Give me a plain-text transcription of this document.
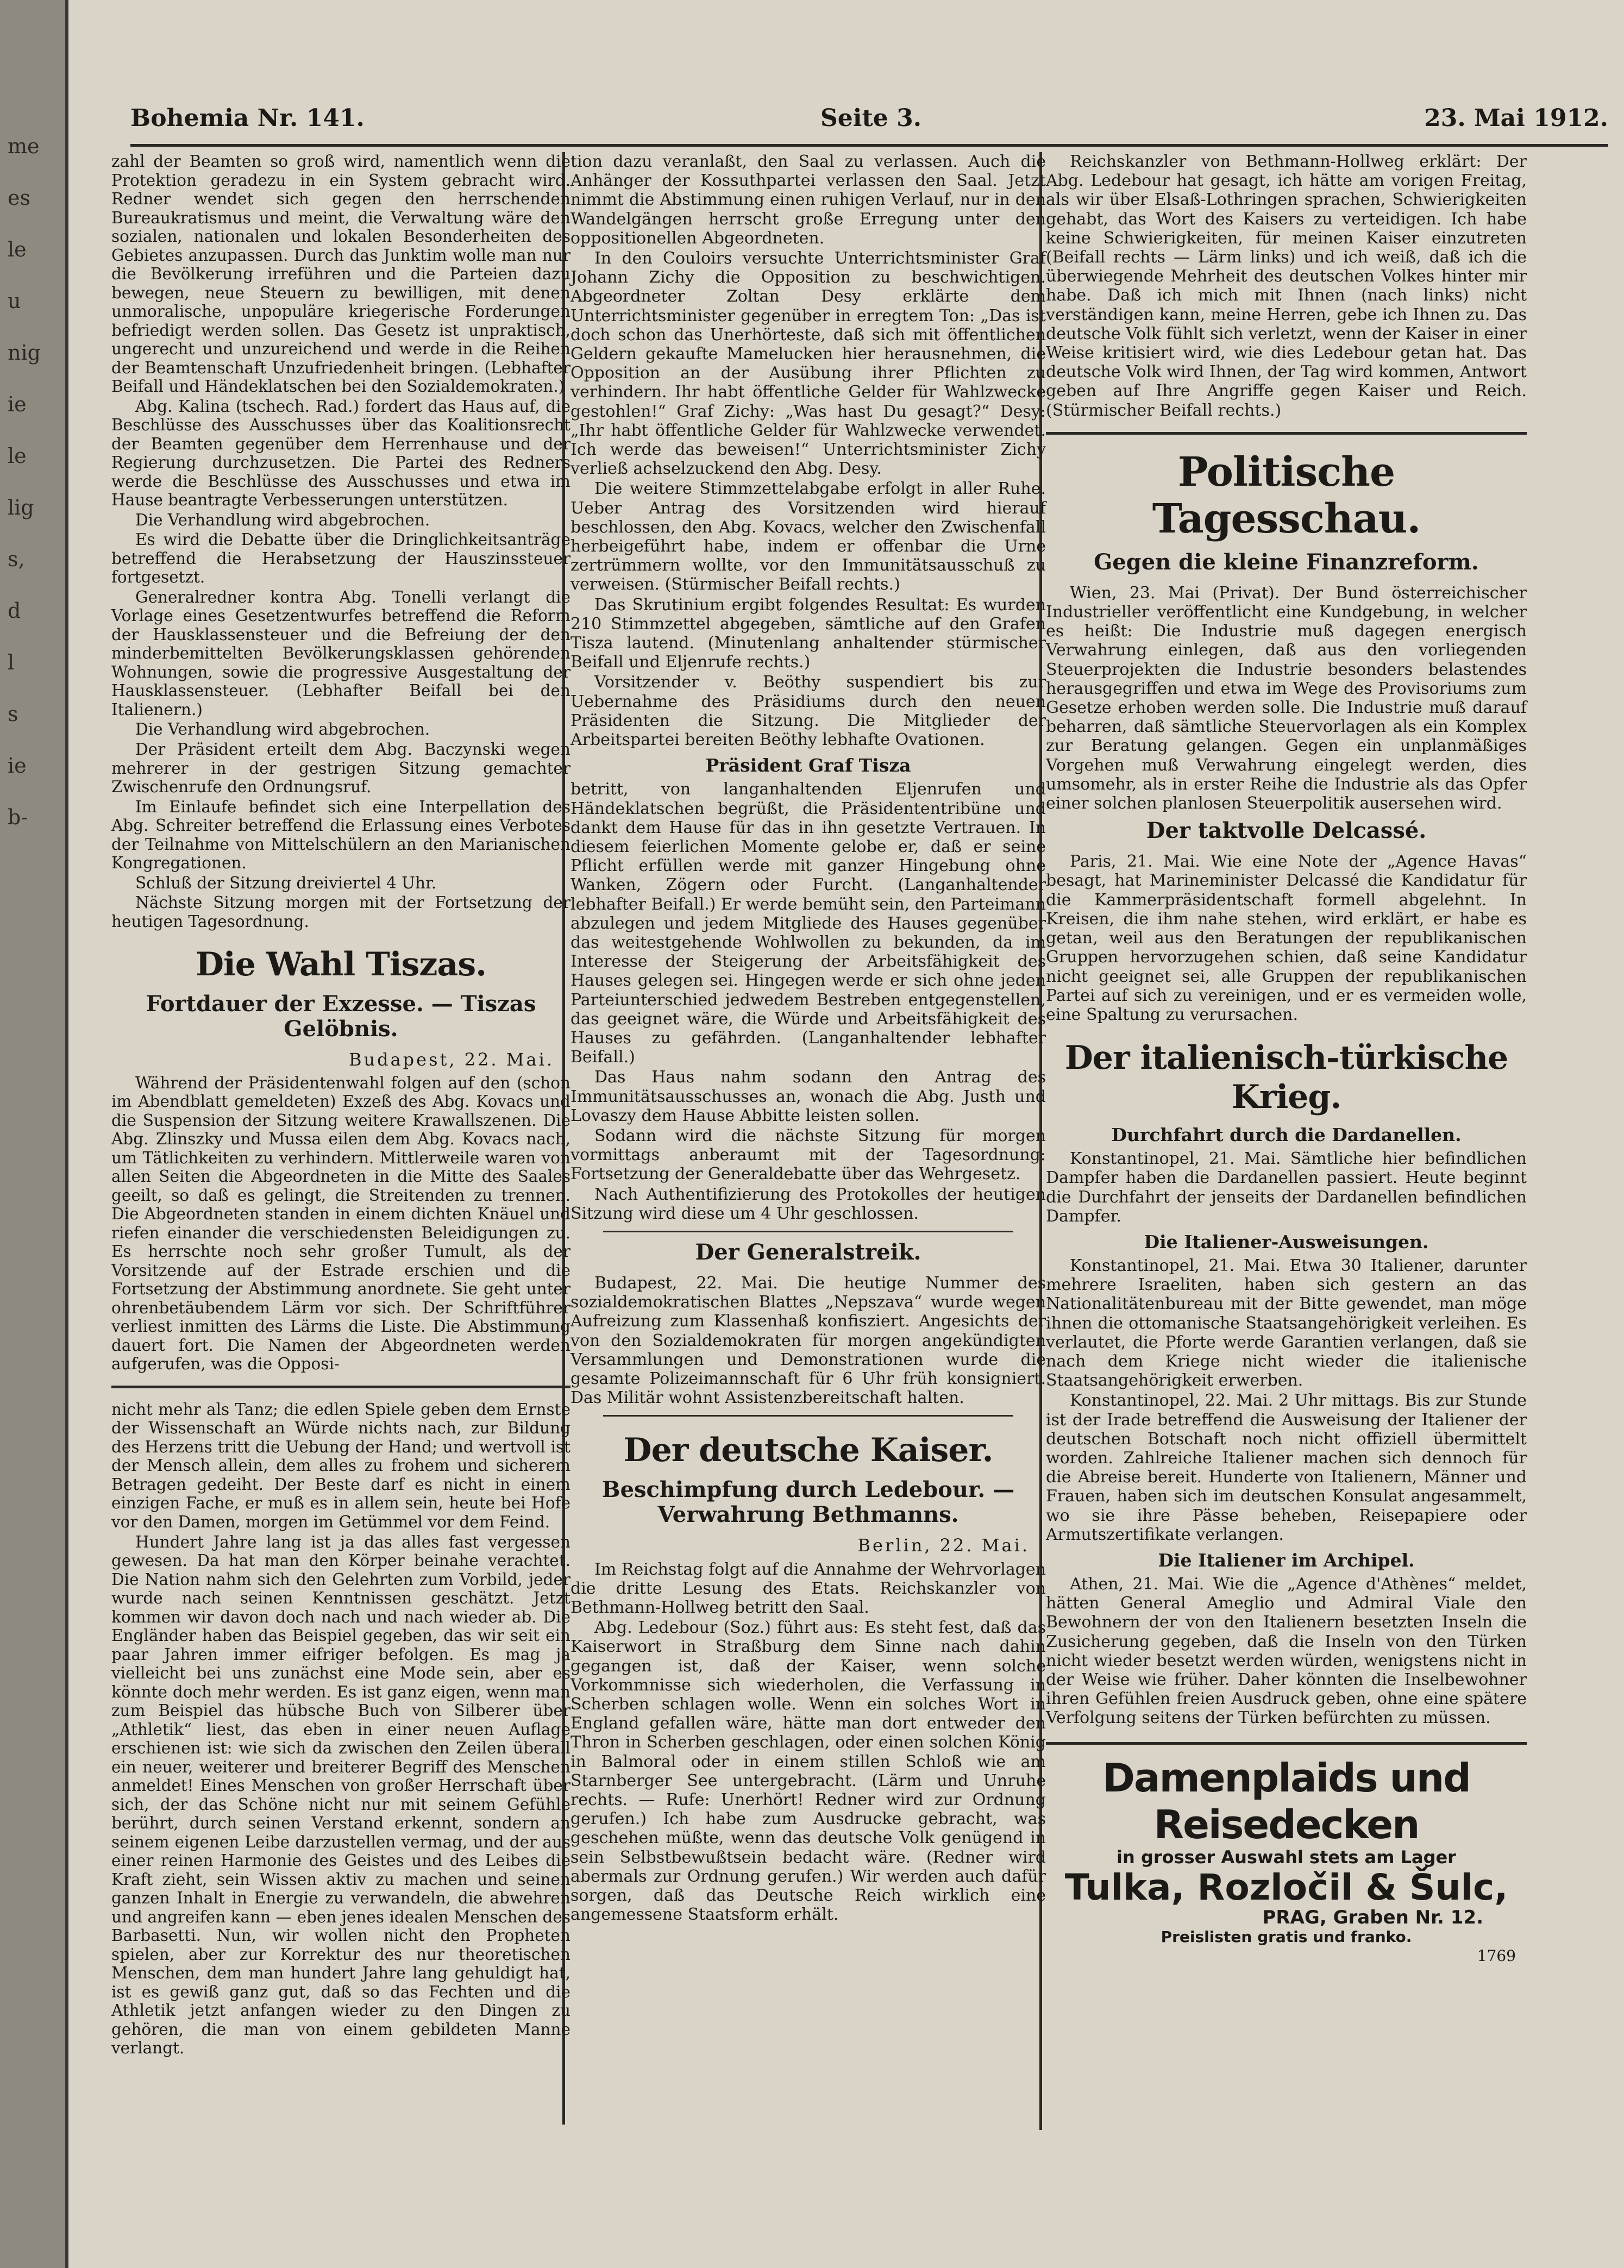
me
es
le
u
nig
ie
le
lig
s,
d
l
s
ie
b-
Bohemia Nr. 141.	Seite 3.	23. Mai 1912.

zahl der Beamten so groß wird, namentlich wenn die Protektion geradezu in ein System gebracht wird. Redner wendet sich gegen den herrschenden Bureaukratismus und meint, die Verwaltung wäre den sozialen, nationalen und lokalen Besonderheiten des Gebietes anzupassen. Durch das Junktim wolle man nur die Bevölkerung irreführen und die Parteien dazu bewegen, neue Steuern zu bewilligen, mit denen unmoralische, unpopuläre kriegerische Forderungen befriedigt werden sollen. Das Gesetz ist unpraktisch, ungerecht und unzureichend und werde in die Reihen der Beamtenschaft Unzufriedenheit bringen. (Lebhafter Beifall und Händeklatschen bei den Sozialdemokraten.)

Abg. Kalina (tschech. Rad.) fordert das Haus auf, die Beschlüsse des Ausschusses über das Koalitionsrecht der Beamten gegenüber dem Herrenhause und der Regierung durchzusetzen. Die Partei des Redners werde die Beschlüsse des Ausschusses und etwa im Hause beantragte Verbesserungen unterstützen.

Die Verhandlung wird abgebrochen.

Es wird die Debatte über die Dringlichkeitsanträge betreffend die Herabsetzung der Hauszinssteuer fortgesetzt.

Generalredner kontra Abg. Tonelli verlangt die Vorlage eines Gesetzentwurfes betreffend die Reform der Hausklassensteuer und die Befreiung der den minderbemittelten Bevölkerungsklassen gehörenden Wohnungen, sowie die progressive Ausgestaltung der Hausklassensteuer. (Lebhafter Beifall bei den Italienern.)

Die Verhandlung wird abgebrochen.

Der Präsident erteilt dem Abg. Baczynski wegen mehrerer in der gestrigen Sitzung gemachter Zwischenrufe den Ordnungsruf.

Im Einlaufe befindet sich eine Interpellation des Abg. Schreiter betreffend die Erlassung eines Verbotes der Teilnahme von Mittelschülern an den Marianischen Kongregationen.

Schluß der Sitzung dreiviertel 4 Uhr.

Nächste Sitzung morgen mit der Fortsetzung der heutigen Tagesordnung.

Die Wahl Tiszas.
Fortdauer der Exzesse. — Tiszas Gelöbnis.
Budapest, 22. Mai.

Während der Präsidentenwahl folgen auf den (schon im Abendblatt gemeldeten) Exzeß des Abg. Kovacs und die Suspension der Sitzung weitere Krawallszenen. Die Abg. Zlinszky und Mussa eilen dem Abg. Kovacs nach, um Tätlichkeiten zu verhindern. Mittlerweile waren von allen Seiten die Abgeordneten in die Mitte des Saales geeilt, so daß es gelingt, die Streitenden zu trennen. Die Abgeordneten standen in einem dichten Knäuel und riefen einander die verschiedensten Beleidigungen zu. Es herrschte noch sehr großer Tumult, als der Vorsitzende auf der Estrade erschien und die Fortsetzung der Abstimmung anordnete. Sie geht unter ohrenbetäubendem Lärm vor sich. Der Schriftführer verliest inmitten des Lärms die Liste. Die Abstimmung dauert fort. Die Namen der Abgeordneten werden aufgerufen, was die Opposi-

nicht mehr als Tanz; die edlen Spiele geben dem Ernste der Wissenschaft an Würde nichts nach, zur Bildung des Herzens tritt die Uebung der Hand; und wertvoll ist der Mensch allein, dem alles zu frohem und sicherem Betragen gedeiht. Der Beste darf es nicht in einem einzigen Fache, er muß es in allem sein, heute bei Hofe vor den Damen, morgen im Getümmel vor dem Feind.

Hundert Jahre lang ist ja das alles fast vergessen gewesen. Da hat man den Körper beinahe verachtet. Die Nation nahm sich den Gelehrten zum Vorbild, jeder wurde nach seinen Kenntnissen geschätzt. Jetzt kommen wir davon doch nach und nach wieder ab. Die Engländer haben das Beispiel gegeben, das wir seit ein paar Jahren immer eifriger befolgen. Es mag ja vielleicht bei uns zunächst eine Mode sein, aber es könnte doch mehr werden. Es ist ganz eigen, wenn man zum Beispiel das hübsche Buch von Silberer über „Athletik“ liest, das eben in einer neuen Auflage erschienen ist: wie sich da zwischen den Zeilen überall ein neuer, weiterer und breiterer Begriff des Menschen anmeldet! Eines Menschen von großer Herrschaft über sich, der das Schöne nicht nur mit seinem Gefühle berührt, durch seinen Verstand erkennt, sondern an seinem eigenen Leibe darzustellen vermag, und der aus einer reinen Harmonie des Geistes und des Leibes die Kraft zieht, sein Wissen aktiv zu machen und seinen ganzen Inhalt in Energie zu verwandeln, die abwehren und angreifen kann — eben jenes idealen Menschen des Barbasetti. Nun, wir wollen nicht den Propheten spielen, aber zur Korrektur des nur theoretischen Menschen, dem man hundert Jahre lang gehuldigt hat, ist es gewiß ganz gut, daß so das Fechten und die Athletik jetzt anfangen wieder zu den Dingen zu gehören, die man von einem gebildeten Manne verlangt.

tion dazu veranlaßt, den Saal zu verlassen. Auch die Anhänger der Kossuthpartei verlassen den Saal. Jetzt nimmt die Abstimmung einen ruhigen Verlauf, nur in den Wandelgängen herrscht große Erregung unter den oppositionellen Abgeordneten.

In den Couloirs versuchte Unterrichtsminister Graf Johann Zichy die Opposition zu beschwichtigen. Abgeordneter Zoltan Desy erklärte dem Unterrichtsminister gegenüber in erregtem Ton: „Das ist doch schon das Unerhörteste, daß sich mit öffentlichen Geldern gekaufte Mamelucken hier herausnehmen, die Opposition an der Ausübung ihrer Pflichten zu verhindern. Ihr habt öffentliche Gelder für Wahlzwecke gestohlen!“ Graf Zichy: „Was hast Du gesagt?“ Desy: „Ihr habt öffentliche Gelder für Wahlzwecke verwendet. Ich werde das beweisen!“ Unterrichtsminister Zichy verließ achselzuckend den Abg. Desy.

Die weitere Stimmzettelabgabe erfolgt in aller Ruhe. Ueber Antrag des Vorsitzenden wird hierauf beschlossen, den Abg. Kovacs, welcher den Zwischenfall herbeigeführt habe, indem er offenbar die Urne zertrümmern wollte, vor den Immunitätsausschuß zu verweisen. (Stürmischer Beifall rechts.)

Das Skrutinium ergibt folgendes Resultat: Es wurden 210 Stimmzettel abgegeben, sämtliche auf den Grafen Tisza lautend. (Minutenlang anhaltender stürmischer Beifall und Eljenrufe rechts.)

Vorsitzender v. Beöthy suspendiert bis zur Uebernahme des Präsidiums durch den neuen Präsidenten die Sitzung. Die Mitglieder der Arbeitspartei bereiten Beöthy lebhafte Ovationen.

Präsident Graf Tisza

betritt, von langanhaltenden Eljenrufen und Händeklatschen begrüßt, die Präsidententribüne und dankt dem Hause für das in ihn gesetzte Vertrauen. In diesem feierlichen Momente gelobe er, daß er seine Pflicht erfüllen werde mit ganzer Hingebung ohne Wanken, Zögern oder Furcht. (Langanhaltender lebhafter Beifall.) Er werde bemüht sein, den Parteimann abzulegen und jedem Mitgliede des Hauses gegenüber das weitestgehende Wohlwollen zu bekunden, da im Interesse der Steigerung der Arbeitsfähigkeit des Hauses gelegen sei. Hingegen werde er sich ohne jeden Parteiunterschied jedwedem Bestreben entgegenstellen, das geeignet wäre, die Würde und Arbeitsfähigkeit des Hauses zu gefährden. (Langanhaltender lebhafter Beifall.)

Das Haus nahm sodann den Antrag des Immunitätsausschusses an, wonach die Abg. Justh und Lovaszy dem Hause Abbitte leisten sollen.

Sodann wird die nächste Sitzung für morgen vormittags anberaumt mit der Tagesordnung: Fortsetzung der Generaldebatte über das Wehrgesetz.

Nach Authentifizierung des Protokolles der heutigen Sitzung wird diese um 4 Uhr geschlossen.

Der Generalstreik.

Budapest, 22. Mai. Die heutige Nummer des sozialdemokratischen Blattes „Nepszava“ wurde wegen Aufreizung zum Klassenhaß konfisziert. Angesichts der von den Sozialdemokraten für morgen angekündigten Versammlungen und Demonstrationen wurde die gesamte Polizeimannschaft für 6 Uhr früh konsigniert. Das Militär wohnt Assistenzbereitschaft halten.

Der deutsche Kaiser.
Beschimpfung durch Ledebour. — Verwahrung Bethmanns.
Berlin, 22. Mai.

Im Reichstag folgt auf die Annahme der Wehrvorlagen die dritte Lesung des Etats. Reichskanzler von Bethmann-Hollweg betritt den Saal.

Abg. Ledebour (Soz.) führt aus: Es steht fest, daß das Kaiserwort in Straßburg dem Sinne nach dahin gegangen ist, daß der Kaiser, wenn solche Vorkommnisse sich wiederholen, die Verfassung in Scherben schlagen wolle. Wenn ein solches Wort in England gefallen wäre, hätte man dort entweder den Thron in Scherben geschlagen, oder einen solchen König in Balmoral oder in einem stillen Schloß wie am Starnberger See untergebracht. (Lärm und Unruhe rechts. — Rufe: Unerhört! Redner wird zur Ordnung gerufen.) Ich habe zum Ausdrucke gebracht, was geschehen müßte, wenn das deutsche Volk genügend in sein Selbstbewußtsein bedacht wäre. (Redner wird abermals zur Ordnung gerufen.) Wir werden auch dafür sorgen, daß das Deutsche Reich wirklich eine angemessene Staatsform erhält.

Reichskanzler von Bethmann-Hollweg erklärt: Der Abg. Ledebour hat gesagt, ich hätte am vorigen Freitag, als wir über Elsaß-Lothringen sprachen, Schwierigkeiten gehabt, das Wort des Kaisers zu verteidigen. Ich habe keine Schwierigkeiten, für meinen Kaiser einzutreten (Beifall rechts — Lärm links) und ich weiß, daß ich die überwiegende Mehrheit des deutschen Volkes hinter mir habe. Daß ich mich mit Ihnen (nach links) nicht verständigen kann, meine Herren, gebe ich Ihnen zu. Das deutsche Volk fühlt sich verletzt, wenn der Kaiser in einer Weise kritisiert wird, wie dies Ledebour getan hat. Das deutsche Volk wird Ihnen, der Tag wird kommen, Antwort geben auf Ihre Angriffe gegen Kaiser und Reich. (Stürmischer Beifall rechts.)

Politische Tagesschau.
Gegen die kleine Finanzreform.

Wien, 23. Mai (Privat). Der Bund österreichischer Industrieller veröffentlicht eine Kundgebung, in welcher es heißt: Die Industrie muß dagegen energisch Verwahrung einlegen, daß aus den vorliegenden Steuerprojekten die Industrie besonders belastendes herausgegriffen und etwa im Wege des Provisoriums zum Gesetze erhoben werden solle. Die Industrie muß darauf beharren, daß sämtliche Steuervorlagen als ein Komplex zur Beratung gelangen. Gegen ein unplanmäßiges Vorgehen muß Verwahrung eingelegt werden, dies umsomehr, als in erster Reihe die Industrie als das Opfer einer solchen planlosen Steuerpolitik ausersehen wird.

Der taktvolle Delcassé.

Paris, 21. Mai. Wie eine Note der „Agence Havas“ besagt, hat Marineminister Delcassé die Kandidatur für die Kammerpräsidentschaft formell abgelehnt. In Kreisen, die ihm nahe stehen, wird erklärt, er habe es getan, weil aus den Beratungen der republikanischen Gruppen hervorzugehen schien, daß seine Kandidatur nicht geeignet sei, alle Gruppen der republikanischen Partei auf sich zu vereinigen, und er es vermeiden wolle, eine Spaltung zu verursachen.

Der italienisch-türkische Krieg.
Durchfahrt durch die Dardanellen.

Konstantinopel, 21. Mai. Sämtliche hier befindlichen Dampfer haben die Dardanellen passiert. Heute beginnt die Durchfahrt der jenseits der Dardanellen befindlichen Dampfer.

Die Italiener-Ausweisungen.

Konstantinopel, 21. Mai. Etwa 30 Italiener, darunter mehrere Israeliten, haben sich gestern an das Nationalitätenbureau mit der Bitte gewendet, man möge ihnen die ottomanische Staatsangehörigkeit verleihen. Es verlautet, die Pforte werde Garantien verlangen, daß sie nach dem Kriege nicht wieder die italienische Staatsangehörigkeit erwerben.

Konstantinopel, 22. Mai. 2 Uhr mittags. Bis zur Stunde ist der Irade betreffend die Ausweisung der Italiener der deutschen Botschaft noch nicht offiziell übermittelt worden. Zahlreiche Italiener machen sich dennoch für die Abreise bereit. Hunderte von Italienern, Männer und Frauen, haben sich im deutschen Konsulat angesammelt, wo sie ihre Pässe beheben, Reisepapiere oder Armutszertifikate verlangen.

Die Italiener im Archipel.

Athen, 21. Mai. Wie die „Agence d'Athènes“ meldet, hätten General Ameglio und Admiral Viale den Bewohnern der von den Italienern besetzten Inseln die Zusicherung gegeben, daß die Inseln von den Türken nicht wieder besetzt werden würden, wenigstens nicht in der Weise wie früher. Daher könnten die Inselbewohner ihren Gefühlen freien Ausdruck geben, ohne eine spätere Verfolgung seitens der Türken befürchten zu müssen.

Damenplaids und Reisedecken
in grosser Auswahl stets am Lager
Tulka, Rozločil & Šulc,
PRAG, Graben Nr. 12.
Preislisten gratis und franko.
1769
